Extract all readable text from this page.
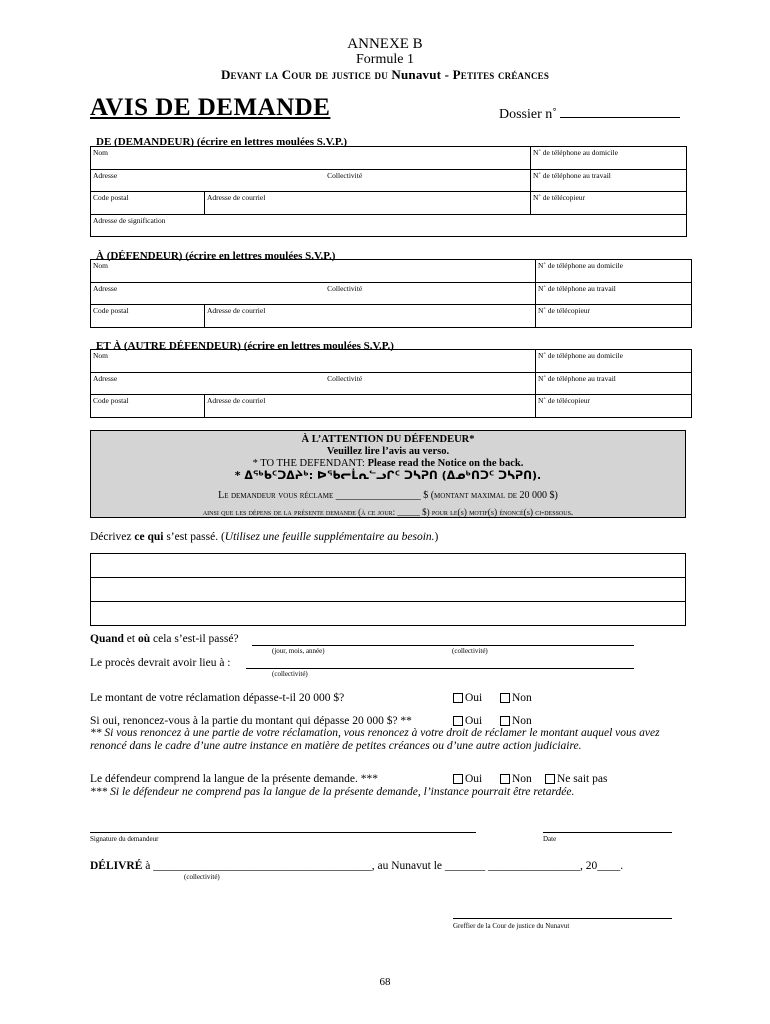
ANNEXE B
Formule 1
Devant la Cour de justice du Nunavut - Petites créances
AVIS DE DEMANDE	Dossier n˚
DE (DEMANDEUR) (écrire en lettres moulées S.V.P.)
Nom		N˚ de téléphone au domicile
Adresse Collectivité		N˚ de téléphone au travail
Code postal	Adresse de courriel	N˚ de télécopieur
Adresse de signification		
À (DÉFENDEUR) (écrire en lettres moulées S.V.P.)
Nom		N˚ de téléphone au domicile
Adresse Collectivité		N˚ de téléphone au travail
Code postal	Adresse de courriel	N˚ de télécopieur
ET À (AUTRE DÉFENDEUR) (écrire en lettres moulées S.V.P.)
Nom		N˚ de téléphone au domicile
Adresse Collectivité		N˚ de téléphone au travail
Code postal	Adresse de courriel	N˚ de télécopieur
À L’ATTENTION DU DÉFENDEUR*
Veuillez lire l’avis au verso.
* TO THE DEFENDANT: Please read the Notice on the back.
* ᐃᖅᑲᑦᑐᐃᔨᒃ: ᐅᖃᓕᒫᕆᓪᓗᒋᑦ ᑐᓴᕈᑎ (ᐃᓄᒃᑎᑐᑦ ᑐᓴᕈᑎ).
Le demandeur vous réclame _________________ $ (montant maximal de 20 000 $)
ainsi que les dépens de la présente demande (à ce jour: _____ $) pour le(s) motif(s) énoncé(s) ci-dessous.
Décrivez ce qui s’est passé. (Utilisez une feuille supplémentaire au besoin.)

Quand et où cela s’est-il passé?
(jour, mois, année)	(collectivité)
Le procès devrait avoir lieu à :
(collectivité)
Le montant de votre réclamation dépasse-t-il 20 000 $?	Oui	Non
Si oui, renoncez-vous à la partie du montant qui dépasse 20 000 $? **	Oui	Non
** Si vous renoncez à une partie de votre réclamation, vous renoncez à votre droit de réclamer le montant auquel vous avez renoncé dans le cadre d’une autre instance en matière de petites créances ou d’une autre action judiciaire.
Le défendeur comprend la langue de la présente demande. ***	Oui	Non	Ne sait pas
*** Si le défendeur ne comprend pas la langue de la présente demande, l’instance pourrait être retardée.
Signature du demandeur	Date
DÉLIVRÉ à ______________________________________, au Nunavut le _______ ________________, 20____.
(collectivité)
Greffier de la Cour de justice du Nunavut
68
